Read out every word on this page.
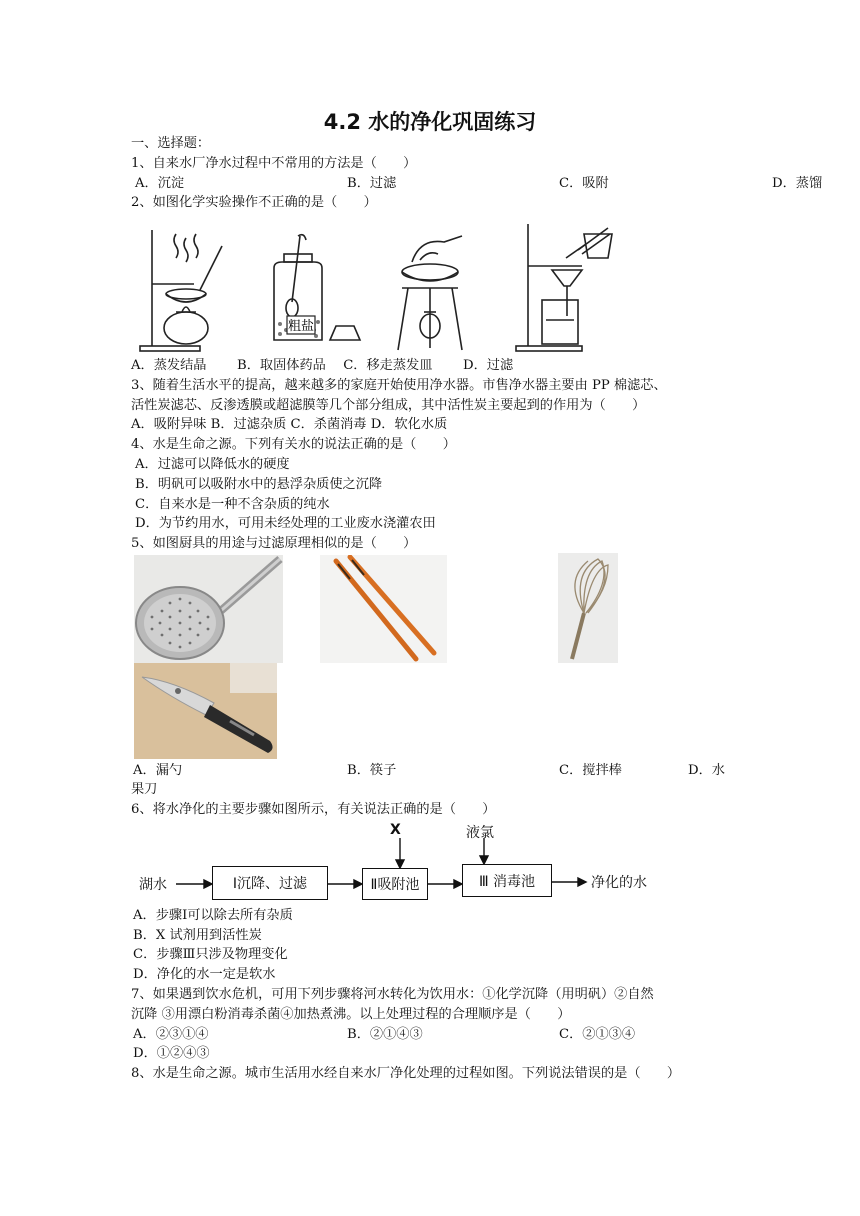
4.2 水的净化巩固练习
一、选择题：
1、自来水厂净水过程中不常用的方法是（　　）
A．沉淀	B．过滤	C．吸附	D．蒸馏
2、如图化学实验操作不正确的是（　　）
粗盐
A．蒸发结晶　　 B．取固体药品　 C．移走蒸发皿　　 D．过滤
3、随着生活水平的提高，越来越多的家庭开始使用净水器。市售净水器主要由 PP 棉滤芯、
活性炭滤芯、反渗透膜或超滤膜等几个部分组成，其中活性炭主要起到的作用为（　　）
A．吸附异味 B．过滤杂质 C．杀菌消毒 D．软化水质
4、水是生命之源。下列有关水的说法正确的是（　　）
A．过滤可以降低水的硬度
B．明矾可以吸附水中的悬浮杂质使之沉降
C．自来水是一种不含杂质的纯水
D．为节约用水，可用未经处理的工业废水浇灌农田
5、如图厨具的用途与过滤原理相似的是（　　）
A．漏勺	B．筷子	C．搅拌棒	D．水
果刀
6、将水净化的主要步骤如图所示，有关说法正确的是（　　）
X	液氯
湖水	Ⅰ沉降、过滤	Ⅱ吸附池	Ⅲ 消毒池	净化的水
A．步骤Ⅰ可以除去所有杂质
B．X 试剂用到活性炭
C．步骤Ⅲ只涉及物理变化
D．净化的水一定是软水
7、如果遇到饮水危机，可用下列步骤将河水转化为饮用水：①化学沉降（用明矾）②自然
沉降 ③用漂白粉消毒杀菌④加热煮沸。以上处理过程的合理顺序是（　　）
A．②③①④	B．②①④③	C．②①③④
D．①②④③
8、水是生命之源。城市生活用水经自来水厂净化处理的过程如图。下列说法错误的是（　　）
